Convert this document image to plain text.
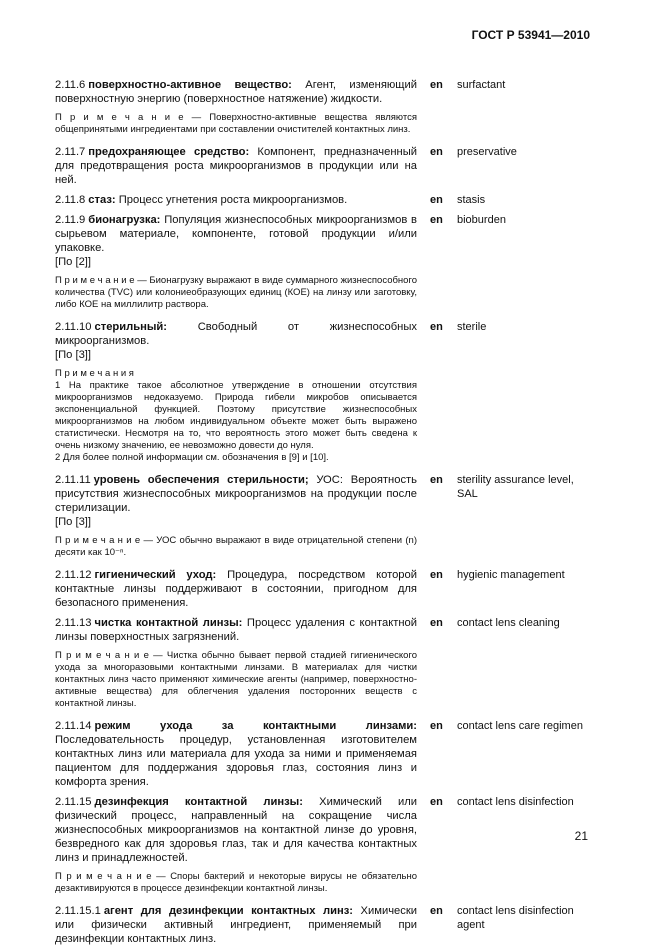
ГОСТ Р 53941—2010
2.11.6 поверхностно-активное вещество: Агент, изменяющий поверхностную энергию (поверхностное натяжение) жидкости.
en surfactant
П р и м е ч а н и е — Поверхностно-активные вещества являются общепринятыми ингредиентами при составлении очистителей контактных линз.
2.11.7 предохраняющее средство: Компонент, предназначенный для предотвращения роста микроорганизмов в продукции или на ней.
en preservative
2.11.8 стаз: Процесс угнетения роста микроорганизмов.	en stasis
2.11.9 бионагрузка: Популяция жизнеспособных микроорганизмов в сырьевом материале, компоненте, готовой продукции и/или упаковке.
[По [2]]
en bioburden
П р и м е ч а н и е — Бионагрузку выражают в виде суммарного жизнеспособного количества (TVC) или колониеобразующих единиц (КОЕ) на линзу или заготовку, либо КОЕ на миллилитр раствора.
2.11.10 стерильный: Свободный от жизнеспособных микроорганизмов.
[По [3]]
en sterile
П р и м е ч а н и я
1 На практике такое абсолютное утверждение в отношении отсутствия микроорганизмов недоказуемо. Природа гибели микробов описывается экспоненциальной функцией. Поэтому присутствие жизнеспособных микроорганизмов на любом индивидуальном объекте может быть выражено статистически. Несмотря на то, что вероятность этого может быть сведена к очень низкому значению, ее невозможно довести до нуля.
2 Для более полной информации см. обозначения в [9] и [10].
2.11.11 уровень обеспечения стерильности; УОС: Вероятность присутствия жизнеспособных микроорганизмов на продукции после стерилизации.
[По [3]]
en sterility assurance level, SAL
П р и м е ч а н и е — УОС обычно выражают в виде отрицательной степени (n) десяти как 10⁻ⁿ.
2.11.12 гигиенический уход: Процедура, посредством которой контактные линзы поддерживают в состоянии, пригодном для безопасного применения.
en hygienic management
2.11.13 чистка контактной линзы: Процесс удаления с контактной линзы поверхностных загрязнений.
en contact lens cleaning
П р и м е ч а н и е — Чистка обычно бывает первой стадией гигиенического ухода за многоразовыми контактными линзами. В материалах для чистки контактных линз часто применяют химические агенты (например, поверхностно-активные вещества) для облегчения удаления посторонних веществ с контактной линзы.
2.11.14 режим ухода за контактными линзами: Последовательность процедур, установленная изготовителем контактных линз или материала для ухода за ними и применяемая пациентом для поддержания здоровья глаз, состояния линз и комфорта зрения.
en contact lens care regimen
2.11.15 дезинфекция контактной линзы: Химический или физический процесс, направленный на сокращение числа жизнеспособных микроорганизмов на контактной линзе до уровня, безвредного как для здоровья глаз, так и для качества контактных линз и принадлежностей.
en contact lens disinfection
П р и м е ч а н и е — Споры бактерий и некоторые вирусы не обязательно дезактивируются в процессе дезинфекции контактной линзы.
2.11.15.1 агент для дезинфекции контактных линз: Химически или физически активный ингредиент, применяемый при дезинфекции контактных линз.
en contact lens disinfection agent
21
